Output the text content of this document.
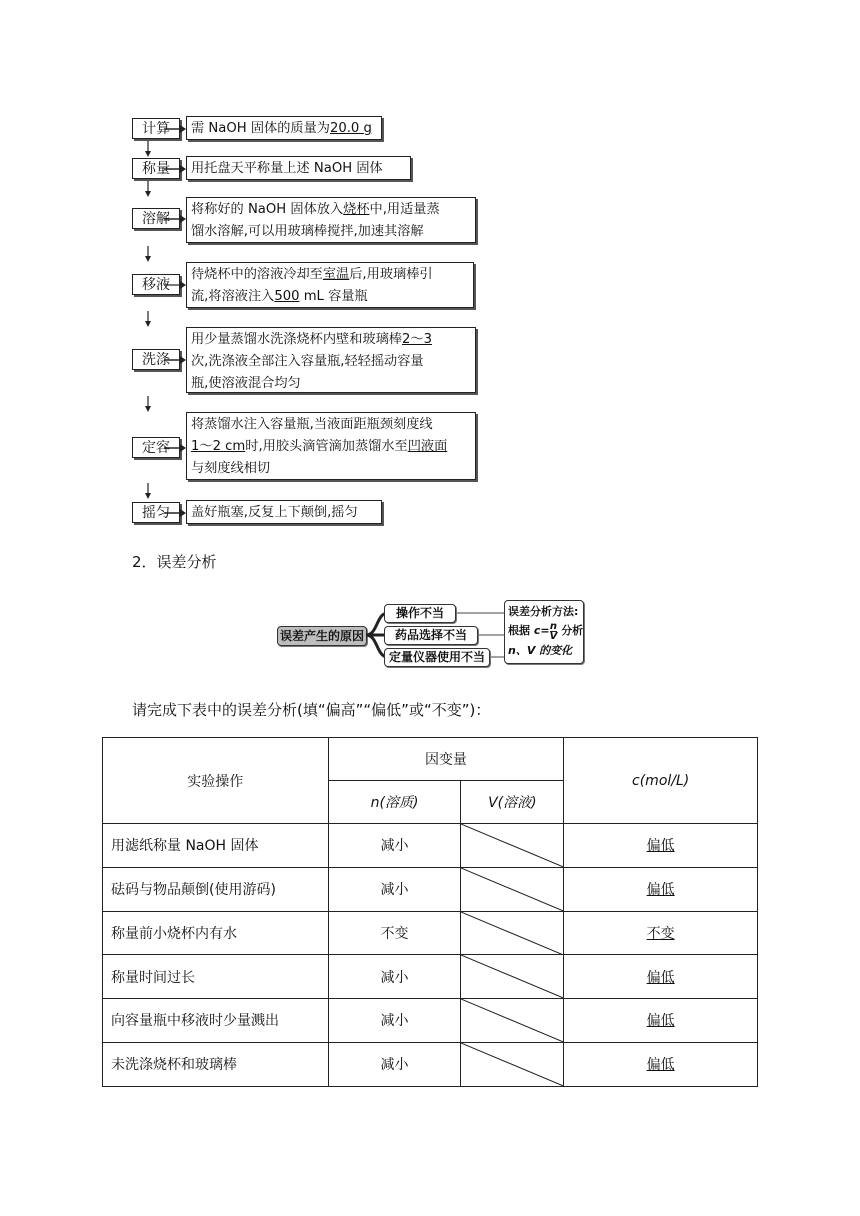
计算	需 NaOH 固体的质量为20.0 g
称量	用托盘天平称量上述 NaOH 固体
溶解
将称好的 NaOH 固体放入烧杯中,用适量蒸
馏水溶解,可以用玻璃棒搅拌,加速其溶解
移液
待烧杯中的溶液冷却至室温后,用玻璃棒引
流,将溶液注入500 mL 容量瓶
洗涤
用少量蒸馏水洗涤烧杯内壁和玻璃棒2～3
次,洗涤液全部注入容量瓶,轻轻摇动容量
瓶,使溶液混合均匀
定容
将蒸馏水注入容量瓶,当液面距瓶颈刻度线
1～2 cm时,用胶头滴管滴加蒸馏水至凹液面
与刻度线相切
摇匀	盖好瓶塞,反复上下颠倒,摇匀
2．误差分析
误差产生的原因
操作不当
药品选择不当
定量仪器使用不当
误差分析方法:
根据 $c=\frac{n}{V}$ 分析
n、V 的变化
请完成下表中的误差分析(填“偏高”“偏低”或“不变”)：
实验操作	因变量		c(mol/L)
	n(溶质)	V(溶液)	
用滤纸称量 NaOH 固体	减小		偏低
砝码与物品颠倒(使用游码)	减小		偏低
称量前小烧杯内有水	不变		不变
称量时间过长	减小		偏低
向容量瓶中移液时少量溅出	减小		偏低
未洗涤烧杯和玻璃棒	减小		偏低
